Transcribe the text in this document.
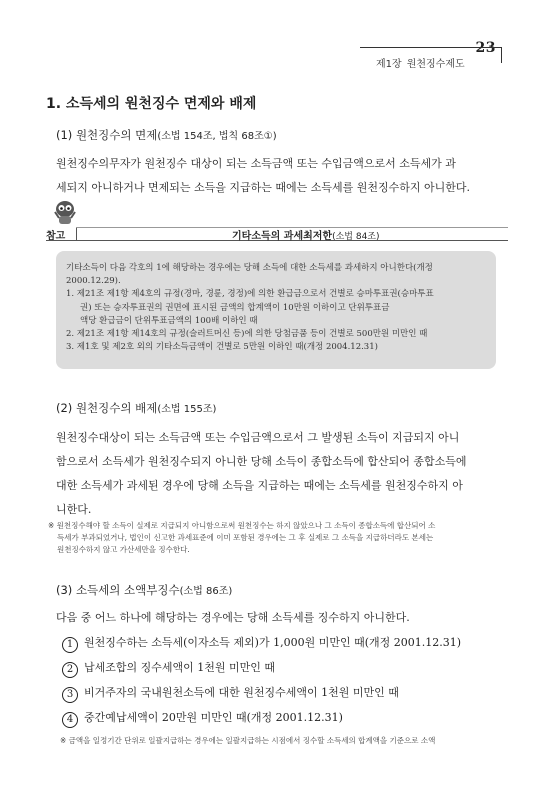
23
제1장 원천징수제도
1. 소득세의 원천징수 면제와 배제
(1) 원천징수의 면제(소법 154조, 법칙 68조①)
원천징수의무자가 원천징수 대상이 되는 소득금액 또는 수입금액으로서 소득세가 과
세되지 아니하거나 면제되는 소득을 지급하는 때에는 소득세를 원천징수하지 아니한다.
참고	기타소득의 과세최저한(소법 84조)
기타소득이 다음 각호의 1에 해당하는 경우에는 당해 소득에 대한 소득세를 과세하지 아니한다(개정
2000.12.29).
1. 제21조 제1항 제4호의 규정(경마, 경륜, 경정)에 의한 환급금으로서 건별로 승마투표권(승마투표
권) 또는 승자투표권의 권면에 표시된 금액의 합계액이 10만원 이하이고 단위투표금
액당 환급금이 단위투표금액의 100배 이하인 때
2. 제21조 제1항 제14호의 규정(슬러트머신 등)에 의한 당첨금품 등이 건별로 500만원 미만인 때
3. 제1호 및 제2호 외의 기타소득금액이 건별로 5만원 이하인 때(개정 2004.12.31)
(2) 원천징수의 배제(소법 155조)
원천징수대상이 되는 소득금액 또는 수입금액으로서 그 발생된 소득이 지급되지 아니
함으로서 소득세가 원천징수되지 아니한 당해 소득이 종합소득에 합산되어 종합소득에
대한 소득세가 과세된 경우에 당해 소득을 지급하는 때에는 소득세를 원천징수하지 아
니한다.
※ 원천징수해야 할 소득이 실제로 지급되지 아니함으로써 원천징수는 하지 않았으나 그 소득이 종합소득에 합산되어 소
득세가 부과되었거나, 법인이 신고한 과세표준에 이미 포함된 경우에는 그 후 실제로 그 소득을 지급하더라도 본세는
원천징수하지 않고 가산세만을 징수한다.
(3) 소득세의 소액부징수(소법 86조)
다음 중 어느 하나에 해당하는 경우에는 당해 소득세를 징수하지 아니한다.
1 원천징수하는 소득세(이자소득 제외)가 1,000원 미만인 때(개정 2001.12.31)
2 납세조합의 징수세액이 1천원 미만인 때
3 비거주자의 국내원천소득에 대한 원천징수세액이 1천원 미만인 때
4 중간예납세액이 20만원 미만인 때(개정 2001.12.31)
※ 금액을 일정기간 단위로 일괄지급하는 경우에는 일괄지급하는 시점에서 징수할 소득세의 합계액을 기준으로 소액
